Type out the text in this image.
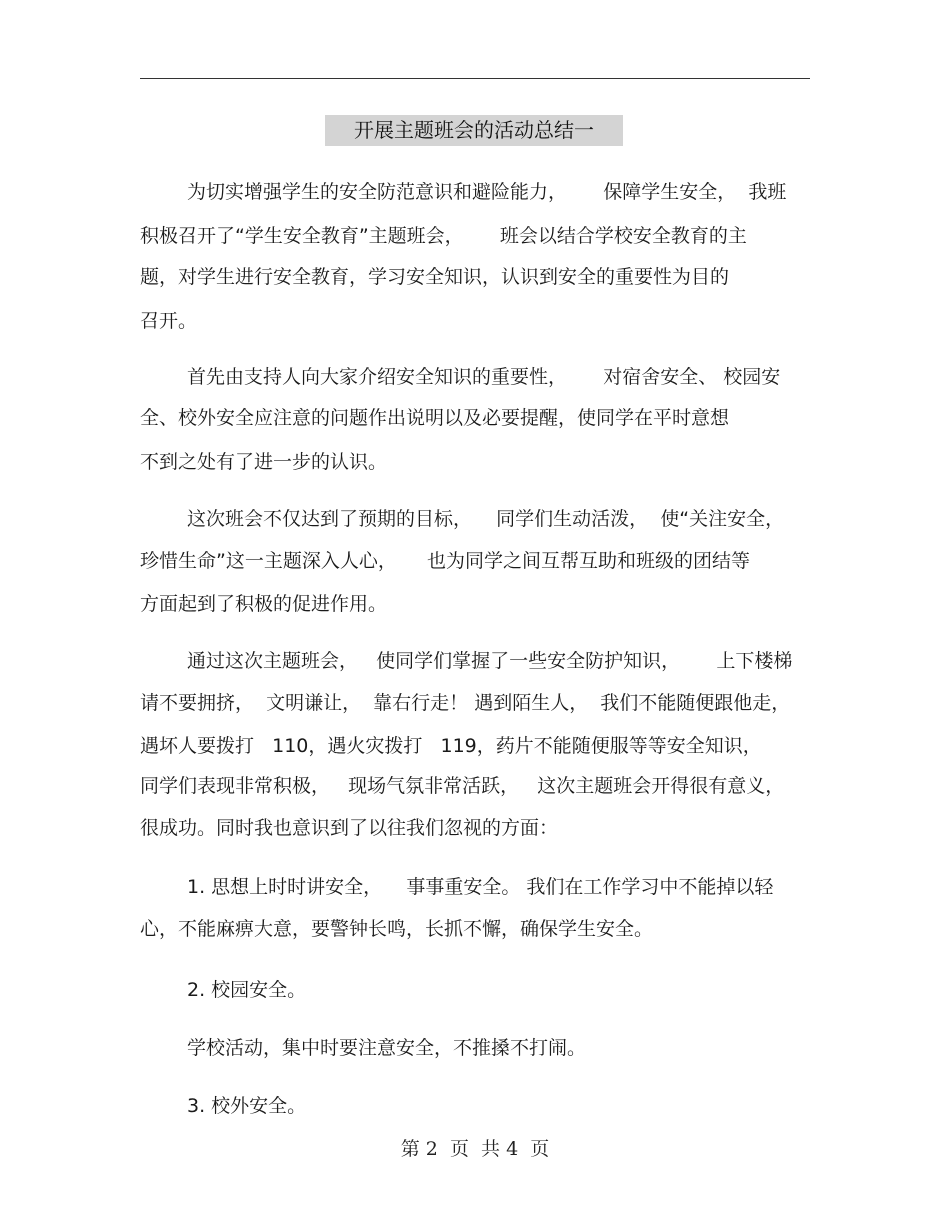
开展主题班会的活动总结一
为切实增强学生的安全防范意识和避险能力，      保障学生安全，  我班
积极召开了“学生安全教育”主题班会，      班会以结合学校安全教育的主
题，对学生进行安全教育，学习安全知识，认识到安全的重要性为目的
召开。
首先由支持人向大家介绍安全知识的重要性，      对宿舍安全、 校园安
全、校外安全应注意的问题作出说明以及必要提醒，使同学在平时意想
不到之处有了进一步的认识。
这次班会不仅达到了预期的目标，    同学们生动活泼，  使“关注安全，
珍惜生命”这一主题深入人心，     也为同学之间互帮互助和班级的团结等
方面起到了积极的促进作用。
通过这次主题班会，   使同学们掌握了一些安全防护知识，      上下楼梯
请不要拥挤，  文明谦让，  靠右行走！ 遇到陌生人，  我们不能随便跟他走，
遇坏人要拨打   110，遇火灾拨打   119，药片不能随便服等等安全知识，
同学们表现非常积极，   现场气氛非常活跃，   这次主题班会开得很有意义，
很成功。同时我也意识到了以往我们忽视的方面：
1. 思想上时时讲安全，    事事重安全。 我们在工作学习中不能掉以轻
心，不能麻痹大意，要警钟长鸣，长抓不懈，确保学生安全。
2. 校园安全。
学校活动，集中时要注意安全，不推搡不打闹。
3. 校外安全。
第 2  页  共 4  页
